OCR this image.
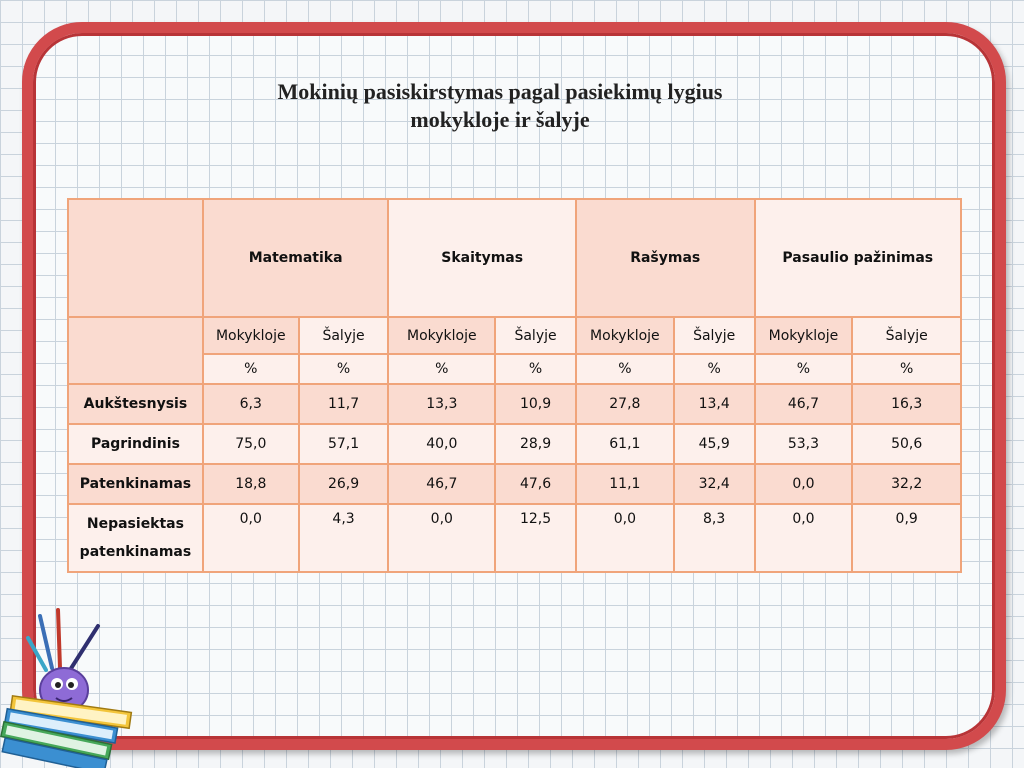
Mokinių pasiskirstymas pagal pasiekimų lygius
mokykloje ir šalyje
	Matematika		Skaitymas		Rašymas		Pasaulio pažinimas	
	Mokykloje	Šalyje	Mokykloje	Šalyje	Mokykloje	Šalyje	Mokykloje	Šalyje
	%	%	%	%	%	%	%	%
Aukštesnysis	6,3	11,7	13,3	10,9	27,8	13,4	46,7	16,3
Pagrindinis	75,0	57,1	40,0	28,9	61,1	45,9	53,3	50,6
Patenkinamas	18,8	26,9	46,7	47,6	11,1	32,4	0,0	32,2

Nepasiektas
patenkinamas	0,0	4,3	0,0	12,5	0,0	8,3	0,0	0,9
